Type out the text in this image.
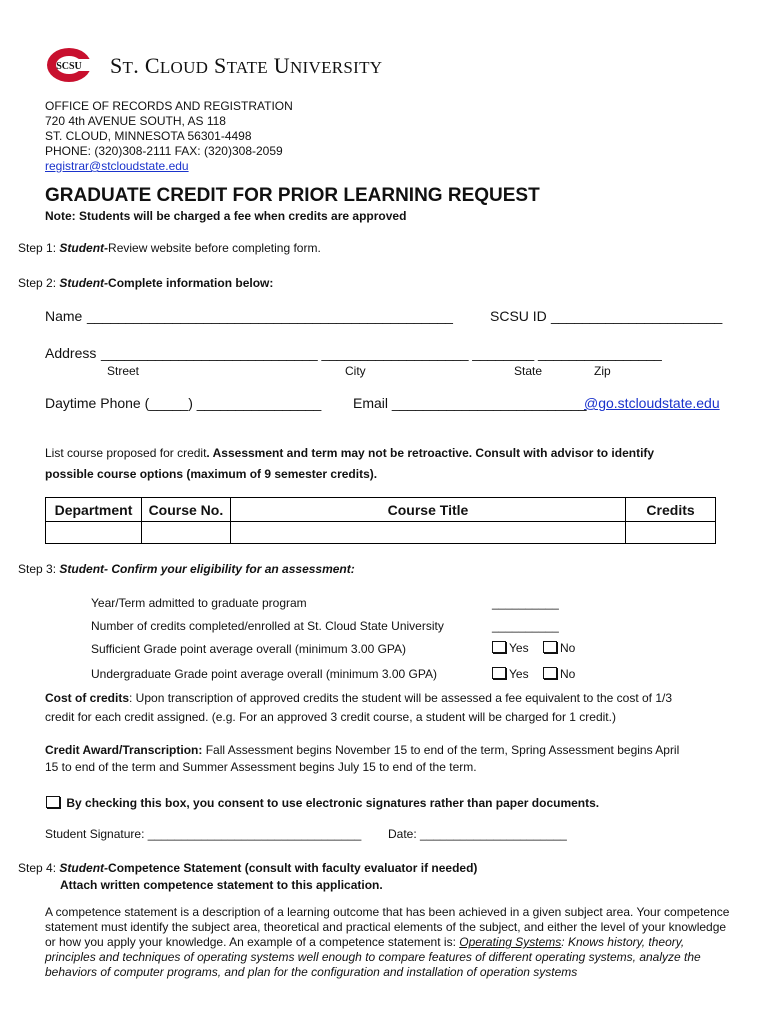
SCSU ST. CLOUD STATE UNIVERSITY
OFFICE OF RECORDS AND REGISTRATION
720 4th AVENUE SOUTH, AS 118
ST. CLOUD, MINNESOTA 56301-4498
PHONE: (320)308-2111 FAX: (320)308-2059
registrar@stcloudstate.edu
GRADUATE CREDIT FOR PRIOR LEARNING REQUEST
Note: Students will be charged a fee when credits are approved
Step 1: Student-Review website before completing form.
Step 2: Student-Complete information below:
Name _______________________________________________	SCSU ID ______________________
Address ____________________________ ___________________ ________ ________________
Street	City	State	Zip
Daytime Phone (_____) ________________ Email _________________________
@go.stcloudstate.edu
List course proposed for credit. Assessment and term may not be retroactive. Consult with advisor to identify
possible course options (maximum of 9 semester credits).
Department	Course No.	Course Title	Credits

Step 3: Student- Confirm your eligibility for an assessment:
Year/Term admitted to graduate program	__________
Number of credits completed/enrolled at St. Cloud State University	__________
Sufficient Grade point average overall (minimum 3.00 GPA)	Yes	No
Undergraduate Grade point average overall (minimum 3.00 GPA)	Yes	No
Cost of credits: Upon transcription of approved credits the student will be assessed a fee equivalent to the cost of 1/3
credit for each credit assigned. (e.g. For an approved 3 credit course, a student will be charged for 1 credit.)
Credit Award/Transcription: Fall Assessment begins November 15 to end of the term, Spring Assessment begins April
15 to end of the term and Summer Assessment begins July 15 to end of the term.
By checking this box, you consent to use electronic signatures rather than paper documents.
Student Signature: ________________________________ Date: ______________________
Step 4: Student-Competence Statement (consult with faculty evaluator if needed)
Attach written competence statement to this application.
A competence statement is a description of a learning outcome that has been achieved in a given subject area. Your competence statement must identify the subject area, theoretical and practical elements of the subject, and either the level of your knowledge or how you apply your knowledge. An example of a competence statement is: Operating Systems: Knows history, theory, principles and techniques of operating systems well enough to compare features of different operating systems, analyze the behaviors of computer programs, and plan for the configuration and installation of operation systems
